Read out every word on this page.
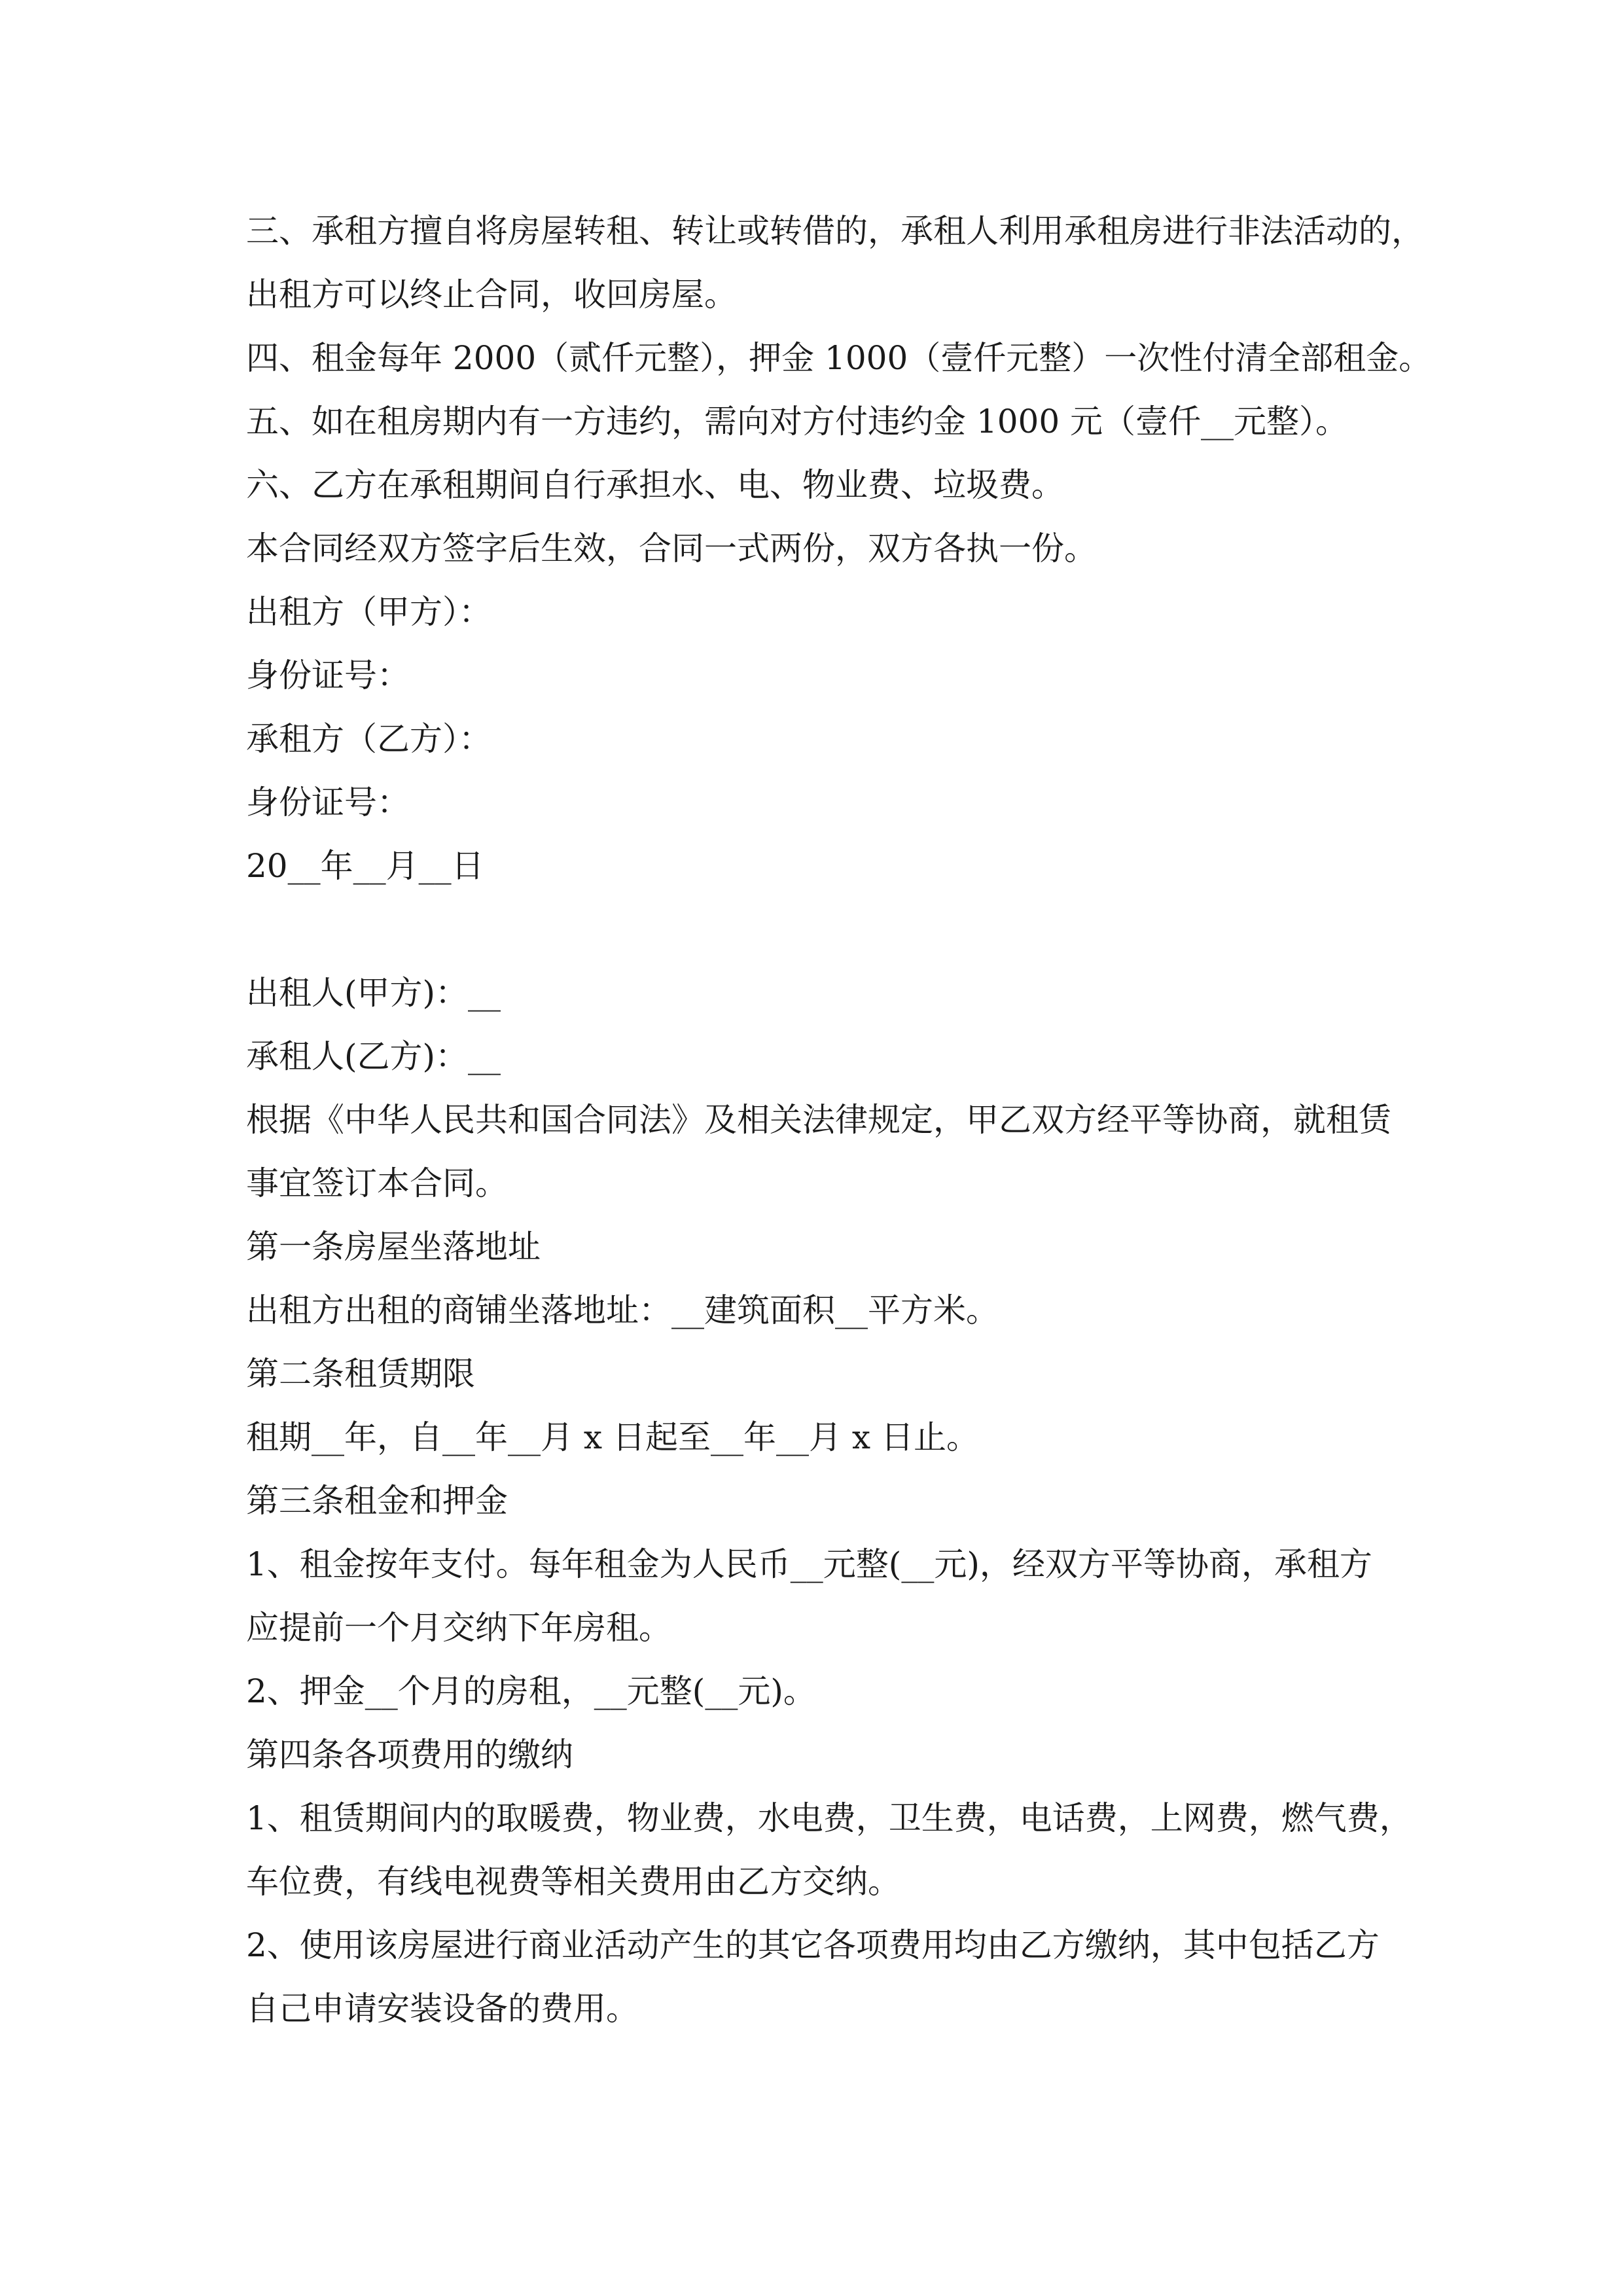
三、承租方擅自将房屋转租、转让或转借的，承租人利用承租房进行非法活动的，

出租方可以终止合同，收回房屋。

四、租金每年 2000（贰仟元整），押金 1000（壹仟元整）一次性付清全部租金。

五、如在租房期内有一方违约，需向对方付违约金 1000 元（壹仟__元整）。

六、乙方在承租期间自行承担水、电、物业费、垃圾费。

本合同经双方签字后生效，合同一式两份，双方各执一份。

出租方（甲方）：

身份证号：

承租方（乙方）：

身份证号：

20__年__月__日

出租人(甲方)：__

承租人(乙方)：__

根据《中华人民共和国合同法》及相关法律规定，甲乙双方经平等协商，就租赁

事宜签订本合同。

第一条房屋坐落地址

出租方出租的商铺坐落地址：__建筑面积__平方米。

第二条租赁期限

租期__年，自__年__月 x 日起至__年__月 x 日止。

第三条租金和押金

1、租金按年支付。每年租金为人民币__元整(__元)，经双方平等协商，承租方

应提前一个月交纳下年房租。

2、押金__个月的房租，__元整(__元)。

第四条各项费用的缴纳

1、租赁期间内的取暖费，物业费，水电费，卫生费，电话费，上网费，燃气费，

车位费，有线电视费等相关费用由乙方交纳。

2、使用该房屋进行商业活动产生的其它各项费用均由乙方缴纳，其中包括乙方

自己申请安装设备的费用。
